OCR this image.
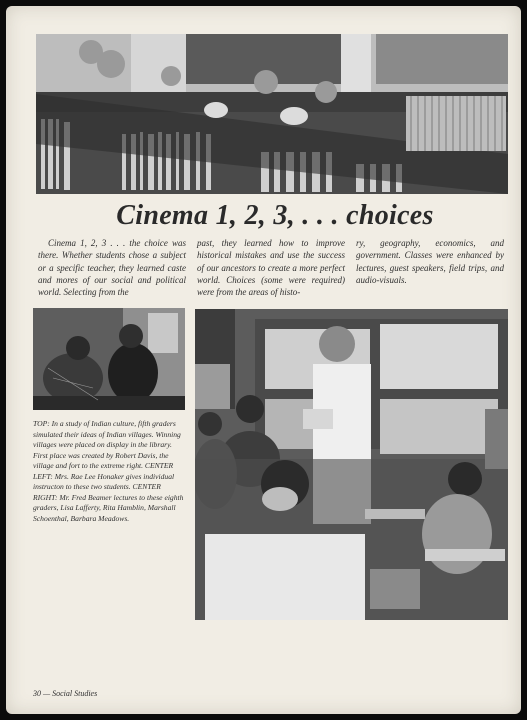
Cinema 1, 2, 3, . . . choices
Cinema 1, 2, 3 . . . the choice was there. Whether students chose a subject or a specific teacher, they learned caste and mores of our social and political world. Selecting from the
past, they learned how to improve historical mistakes and use the success of our ancestors to create a more perfect world. Choices (some were required) were from the areas of histo-
ry, geography, economics, and government. Classes were enhanced by lectures, guest speakers, field trips, and audio-visuals.
TOP: In a study of Indian culture, fifth graders simulated their ideas of Indian villages. Winning villages were placed on display in the library. First place was created by Robert Davis, the village and fort to the extreme right. CENTER LEFT: Mrs. Rae Lee Honaker gives individual instructon to these two students. CENTER RIGHT: Mr. Fred Beamer lectures to these eighth graders, Lisa Lafferty, Rita Hamblin, Marshall Schoenthal, Barbara Meadows.
30 — Social Studies
